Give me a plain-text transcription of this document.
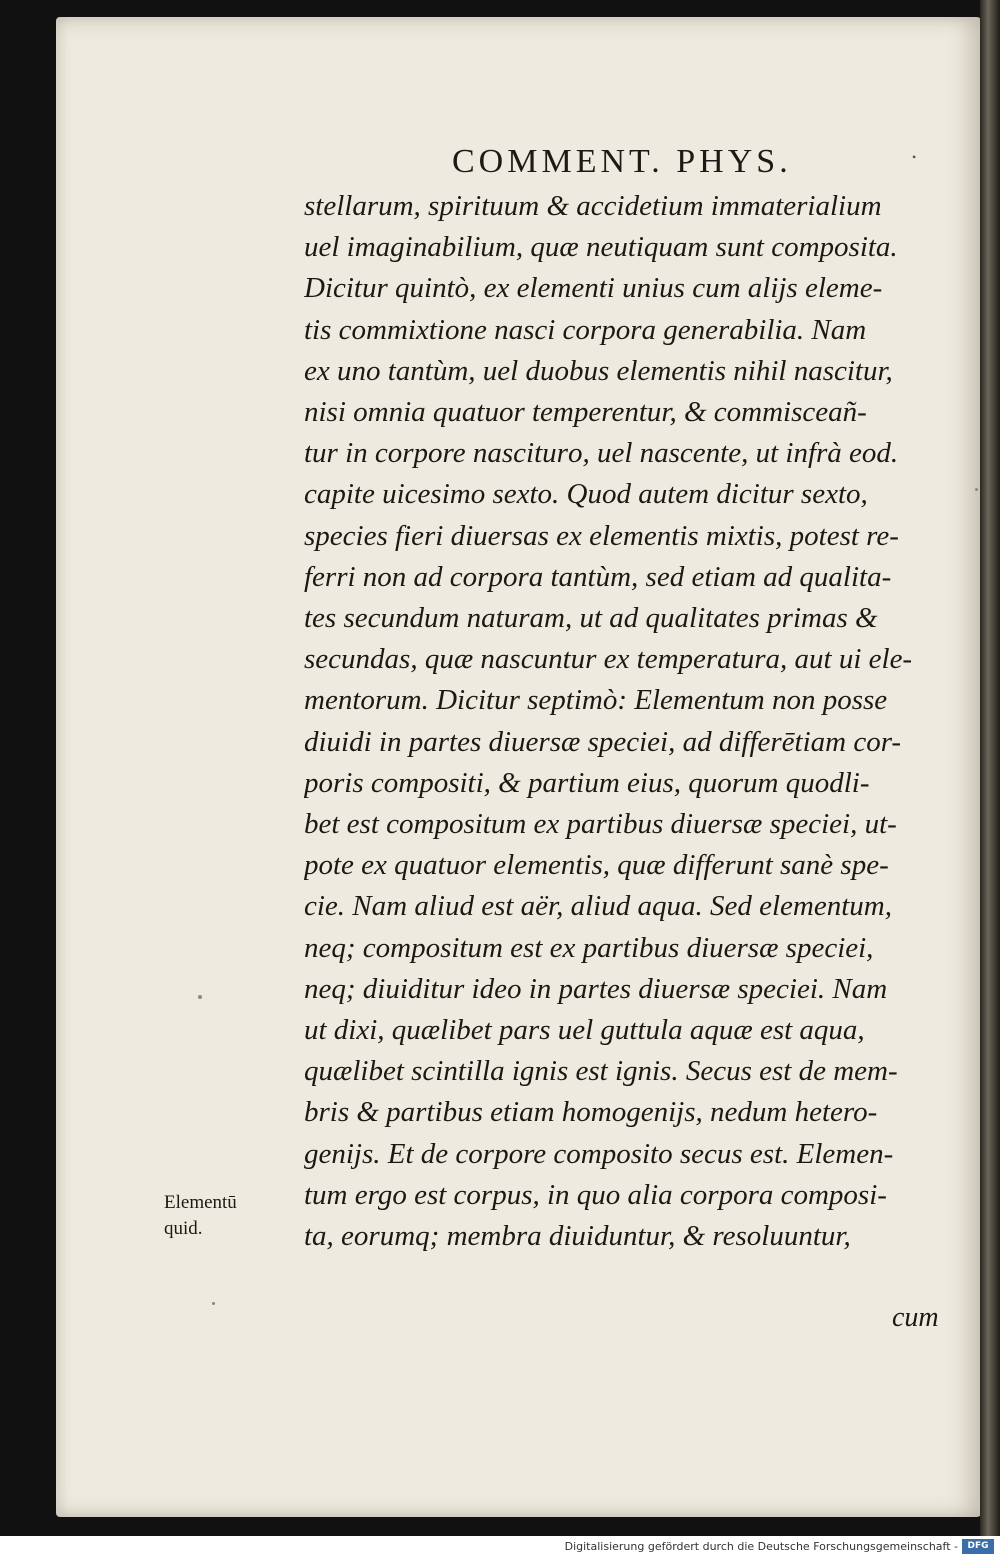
COMMENT. PHYS.	•
stellarum, spirituum & accidetium immaterialium
uel imaginabilium, quæ neutiquam sunt composita.
Dicitur quintò, ex elementi unius cum alijs eleme-
tis commixtione nasci corpora generabilia. Nam
ex uno tantùm, uel duobus elementis nihil nascitur,
nisi omnia quatuor temperentur, & commisceañ-
tur in corpore nasciturо, uel nascente, ut infrà eod.
capite uicesimo sexto. Quod autem dicitur sexto,
species fieri diuersas ex elementis mixtis, potest re-
ferri non ad corpora tantùm, sed etiam ad qualita-
tes secundum naturam, ut ad qualitates primas &
secundas, quæ nascuntur ex temperatura, aut ui ele-
mentorum. Dicitur septimò: Elementum non posse
diuidi in partes diuersæ speciei, ad differētiam cor-
poris compositi, & partium eius, quorum quodli-
bet est compositum ex partibus diuersæ speciei, ut-
pote ex quatuor elementis, quæ differunt sanè spe-
cie. Nam aliud est aër, aliud aqua. Sed elementum,
neq; compositum est ex partibus diuersæ speciei,
neq; diuiditur ideo in partes diuersæ speciei. Nam
ut dixi, quælibet pars uel guttula aquæ est aqua,
quælibet scintilla ignis est ignis. Secus est de mem-
bris & partibus etiam homogenijs, nedum hetero-
genijs. Et de corpore composito secus est. Elemen-
tum ergo est corpus, in quo alia corpora composi-
ta, eorumq; membra diuiduntur, & resoluuntur,
Elementū
quid.
cum
Digitalisierung gefördert durch die Deutsche Forschungsgemeinschaft -	DFG
